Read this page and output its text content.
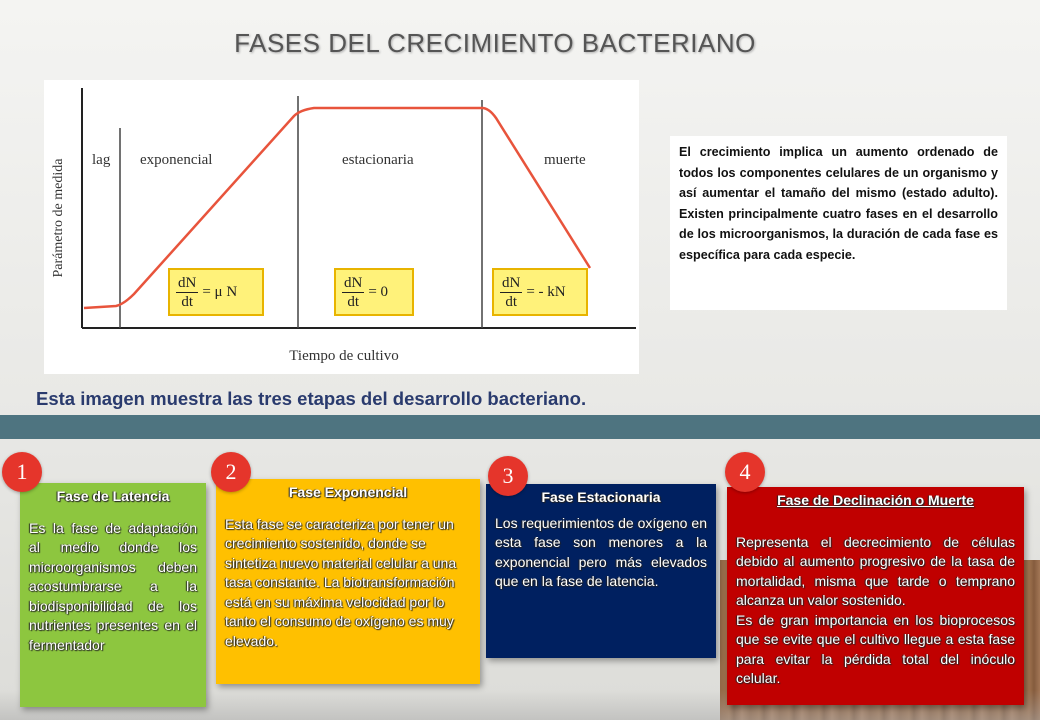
FASES DEL CRECIMIENTO BACTERIANO
lag exponencial	estacionaria	muerte
Parámetro de medida
Tiempo de cultivo
$\frac{dN}{dt} = \mu$ N	$\frac{dN}{dt} = 0$	$\frac{dN}{dt}$ = - kN
El crecimiento implica un aumento ordenado de todos los componentes celulares de un organismo y así aumentar el tamaño del mismo (estado adulto). Existen principalmente cuatro fases en el desarrollo de los microorganismos, la duración de cada fase es específica para cada especie.
Esta imagen muestra las tres etapas del desarrollo bacteriano.
Fase de Latencia
Es la fase de adaptación al medio donde los microorganismos deben acostumbrarse a la biodisponibilidad de los nutrientes presentes en el fermentador
Fase Exponencial
Esta fase se caracteriza por tener un crecimiento sostenido, donde se sintetiza nuevo material celular a una tasa constante. La biotransformación está en su máxima velocidad por lo tanto el consumo de oxígeno es muy elevado.
Fase Estacionaria
Los requerimientos de oxígeno en esta fase son menores a la exponencial pero más elevados que en la fase de latencia.
Fase de Declinación o Muerte
Representa el decrecimiento de células debido al aumento progresivo de la tasa de mortalidad, misma que tarde o temprano alcanza un valor sostenido.
Es de gran importancia en los bioprocesos que se evite que el cultivo llegue a esta fase para evitar la pérdida total del inóculo celular.
1	2	3	4
